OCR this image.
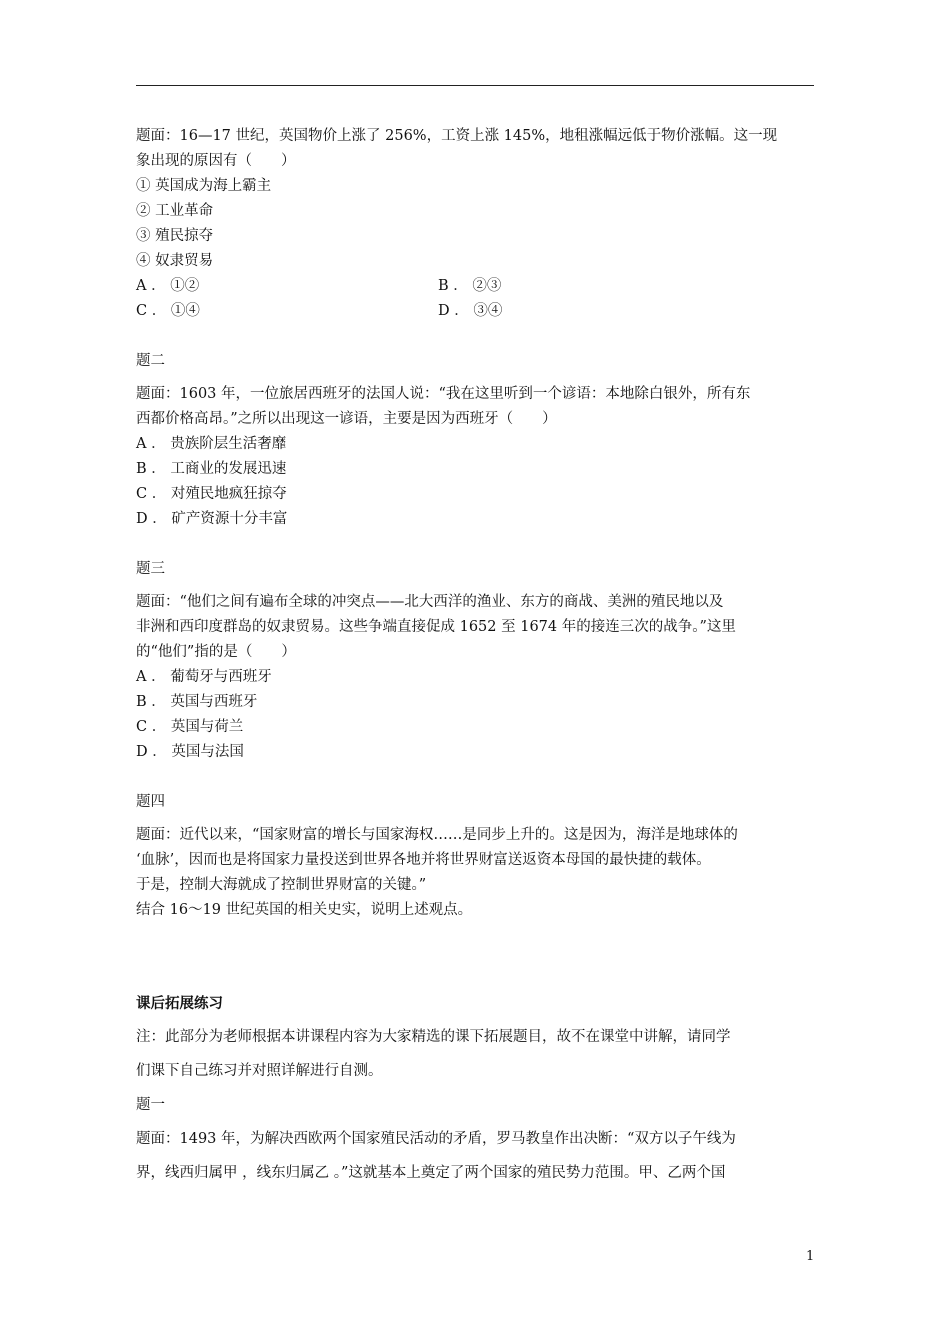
题面：16—17 世纪，英国物价上涨了 256%，工资上涨 145%，地租涨幅远低于物价涨幅。这一现
象出现的原因有（　　）
① 英国成为海上霸主
② 工业革命
③ 殖民掠夺
④ 奴隶贸易
A ． ①②	B ． ②③
C ． ①④	D ． ③④
题二
题面：1603 年，一位旅居西班牙的法国人说：“我在这里听到一个谚语：本地除白银外，所有东
西都价格高昂。”之所以出现这一谚语，主要是因为西班牙（　　）
A ． 贵族阶层生活奢靡
B ． 工商业的发展迅速
C ． 对殖民地疯狂掠夺
D ． 矿产资源十分丰富
题三
题面：“他们之间有遍布全球的冲突点——北大西洋的渔业、东方的商战、美洲的殖民地以及
非洲和西印度群岛的奴隶贸易。这些争端直接促成 1652 至 1674 年的接连三次的战争。”这里
的“他们”指的是（　　）
A ． 葡萄牙与西班牙
B ． 英国与西班牙
C ． 英国与荷兰
D ． 英国与法国
题四
题面：近代以来，“国家财富的增长与国家海权……是同步上升的。这是因为，海洋是地球体的
‘血脉’，因而也是将国家力量投送到世界各地并将世界财富送返资本母国的最快捷的载体。
于是，控制大海就成了控制世界财富的关键。”
结合 16～19 世纪英国的相关史实，说明上述观点。
课后拓展练习
注：此部分为老师根据本讲课程内容为大家精选的课下拓展题目，故不在课堂中讲解，请同学
们课下自己练习并对照详解进行自测。
题一
题面：1493 年，为解决西欧两个国家殖民活动的矛盾，罗马教皇作出决断：“双方以子午线为
界，线西归属甲 ，线东归属乙 。”这就基本上奠定了两个国家的殖民势力范围。甲、乙两个国
1
